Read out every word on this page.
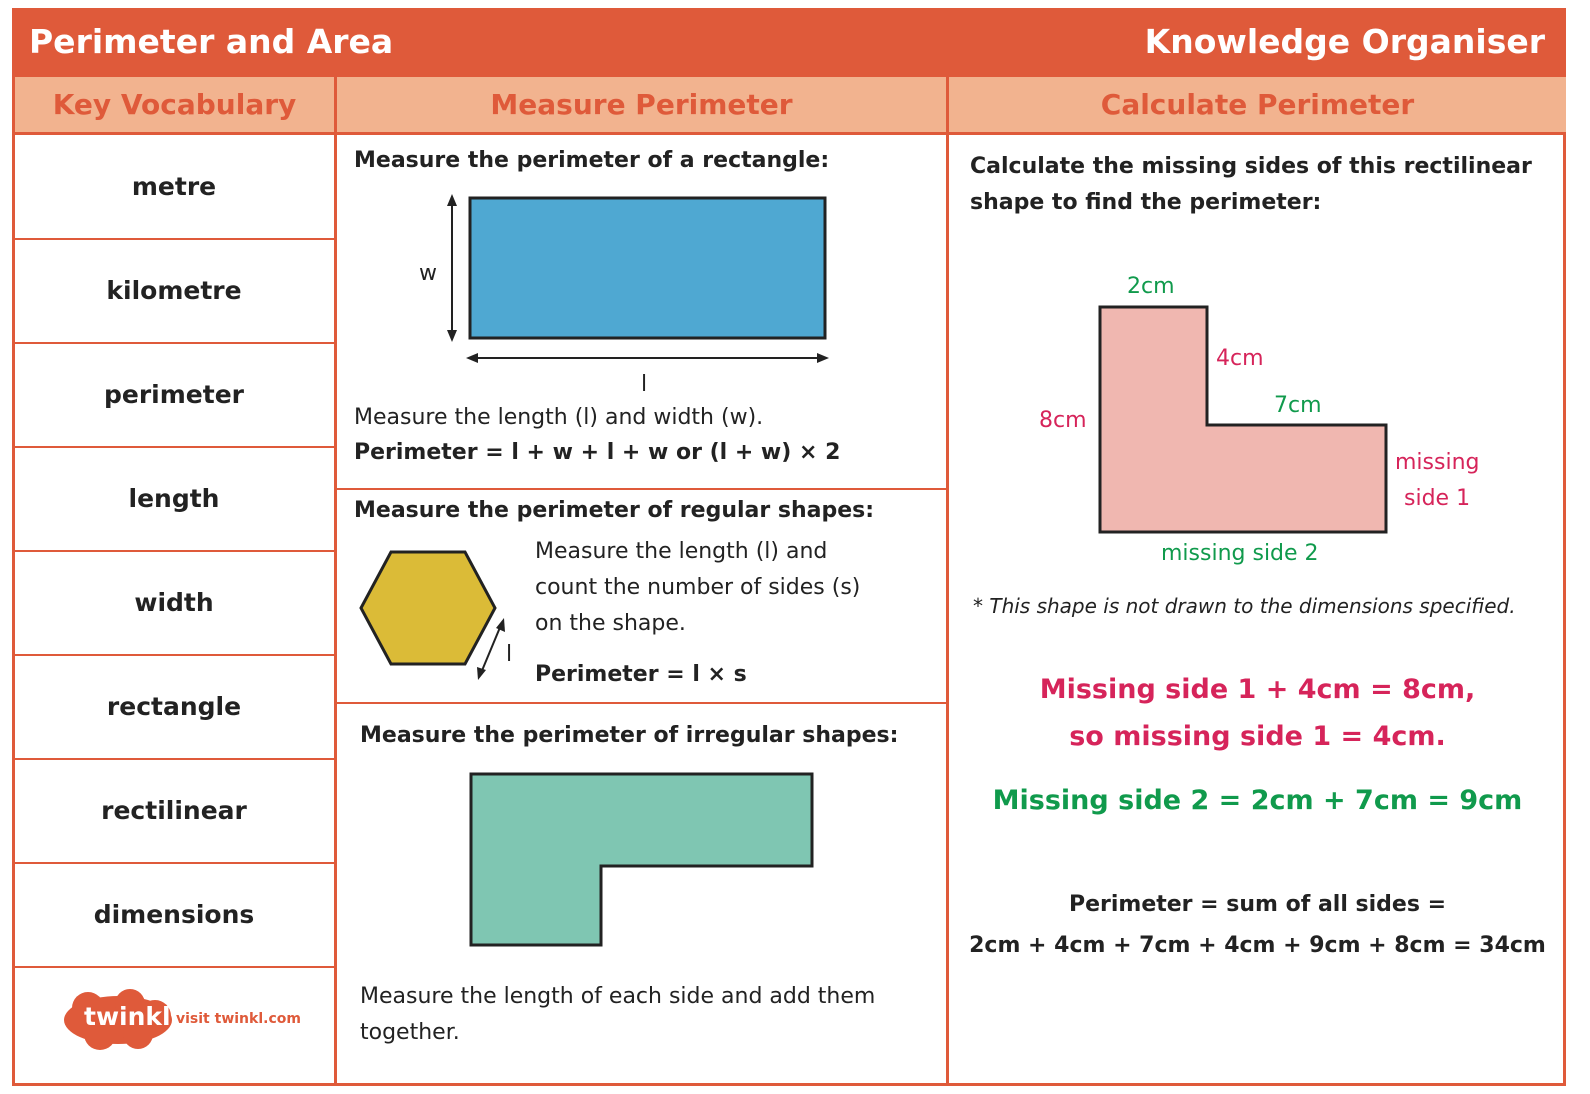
Perimeter and Area	Knowledge Organiser
Key Vocabulary	Measure Perimeter	Calculate Perimeter
metre
kilometre
perimeter
length
width
rectangle
rectilinear
dimensions
Measure the perimeter of a rectangle:
w
l
Measure the length (l) and width (w).
Perimeter = l + w + l + w or (l + w) × 2
Measure the perimeter of regular shapes:
l
Measure the length (l) and
count the number of sides (s)
on the shape.
Perimeter = l × s
Measure the perimeter of irregular shapes:
Measure the length of each side and add them
together.
Calculate the missing sides of this rectilinear
shape to find the perimeter:
2cm
4cm
7cm
8cm
missing
side 1
missing side 2
* This shape is not drawn to the dimensions specified.
Missing side 1 + 4cm = 8cm,
so missing side 1 = 4cm.
Missing side 2 = 2cm + 7cm = 9cm
Perimeter = sum of all sides =
2cm + 4cm + 7cm + 4cm + 9cm + 8cm = 34cm
twinkl visit twinkl.com
